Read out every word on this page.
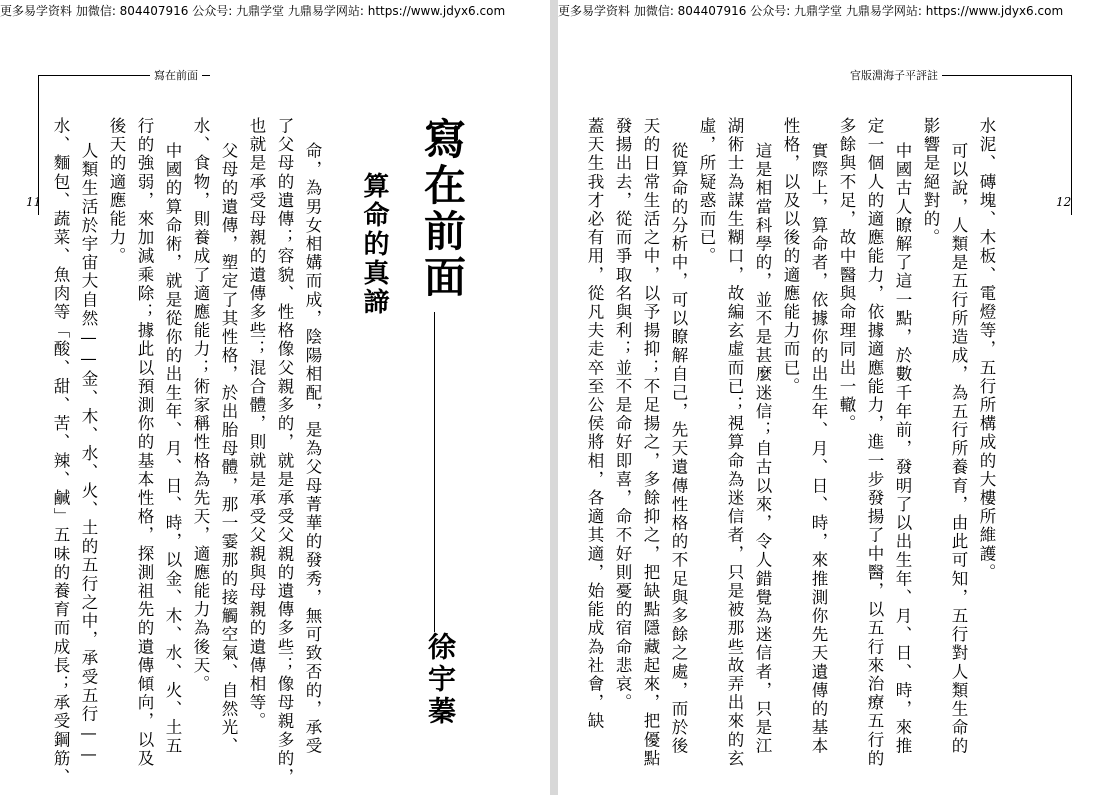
更多易学资料 加微信: 804407916 公众号: 九鼎学堂 九鼎易学网站: https://www.jdyx6.com	更多易学资料 加微信: 804407916 公众号: 九鼎学堂 九鼎易学网站: https://www.jdyx6.com
寫在前面
11	寫在前面
算命的真諦
徐宇蓁
命，為男女相媾而成，陰陽相配，是為父母菁華的發秀，無可致否的，承受
了父母的遺傳；容貌、性格像父親多的，就是承受父親的遺傳多些；像母親多的，
也就是承受母親的遺傳多些；混合體，則就是承受父親與母親的遺傳相等。
父母的遺傳，塑定了其性格，於出胎母體，那一霎那的接觸空氣、自然光、
水、食物，則養成了適應能力；術家稱性格為先天，適應能力為後天。
中國的算命術，就是從你的出生年、月、日、時，以金、木、水、火、土五
行的強弱，來加減乘除；據此以預測你的基本性格，探測祖先的遺傳傾向，以及
後天的適應能力。
人類生活於宇宙大自然——金、木、水、火、土的五行之中，承受五行——
水、麵包、蔬菜、魚肉等「酸、甜、苦、辣、鹹」五味的養育而成長；承受鋼筋、
官版淵海子平評註
12
水泥、磚塊、木板、電燈等，五行所構成的大樓所維護。
可以說，人類是五行所造成，為五行所養育，由此可知，五行對人類生命的
影響是絕對的。
中國古人瞭解了這一點，於數千年前，發明了以出生年、月、日、時，來推
定一個人的適應能力，依據適應能力，進一步發揚了中醫，以五行來治療五行的
多餘與不足，故中醫與命理同出一轍。
實際上，算命者，依據你的出生年、月、日、時，來推測你先天遺傳的基本
性格，以及以後的適應能力而已。
這是相當科學的，並不是甚麼迷信；自古以來，令人錯覺為迷信者，只是江
湖術士為謀生糊口，故編玄虛而已；視算命為迷信者，只是被那些故弄出來的玄
虛，所疑惑而已。
從算命的分析中，可以瞭解自己，先天遺傳性格的不足與多餘之處，而於後
天的日常生活之中，以予揚抑；不足揚之，多餘抑之，把缺點隱藏起來，把優點
發揚出去，從而爭取名與利；並不是命好即喜，命不好則憂的宿命悲哀。
蓋天生我才必有用，從凡夫走卒至公侯將相，各適其適，始能成為社會，缺
